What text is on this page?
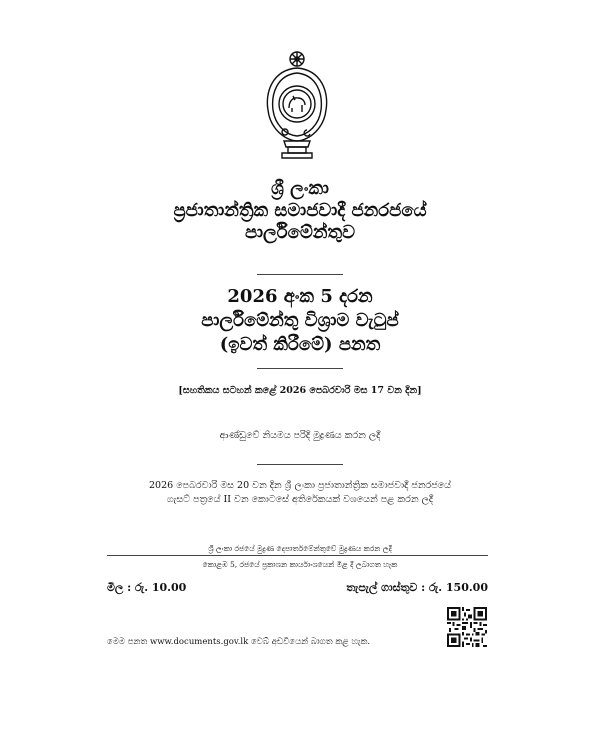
ශ්‍රී ලංකා
ප්‍රජාතාන්ත්‍රික සමාජවාදී ජනරජයේ
පාර්ලිමේන්තුව
2026 අංක 5 දරන
පාර්ලිමේන්තු විශ්‍රාම වැටුප්
(ඉවත් කිරීමේ) පනත
[සහතිකය සටහන් කළේ 2026 පෙබරවාරි මස 17 වන දින]
ආණ්ඩුවේ නියමය පරිදි මුද්‍රණය කරන ලදී
2026 පෙබරවාරි මස 20 වන දින ශ්‍රී ලංකා ප්‍රජාතාන්ත්‍රික සමාජවාදී ජනරජයේ
ගැසට් පත්‍රයේ II වන කොටසේ අතිරේකයක් වශයෙන් පළ කරන ලදී
ශ්‍රී ලංකා රජයේ මුද්‍රණ දෙපාර්තමේන්තුවේ මුද්‍රණය කරන ලදී
කොළඹ 5, රජයේ ප්‍රකාශන කාර්යාංශයෙන් මිළ දී ලබාගත හැක
මිල : රු. 10.00	තැපැල් ගාස්තුව : රු. 150.00
මෙම පනත www.documents.gov.lk වෙබ් අඩවියෙන් බාගත කළ හැක.
